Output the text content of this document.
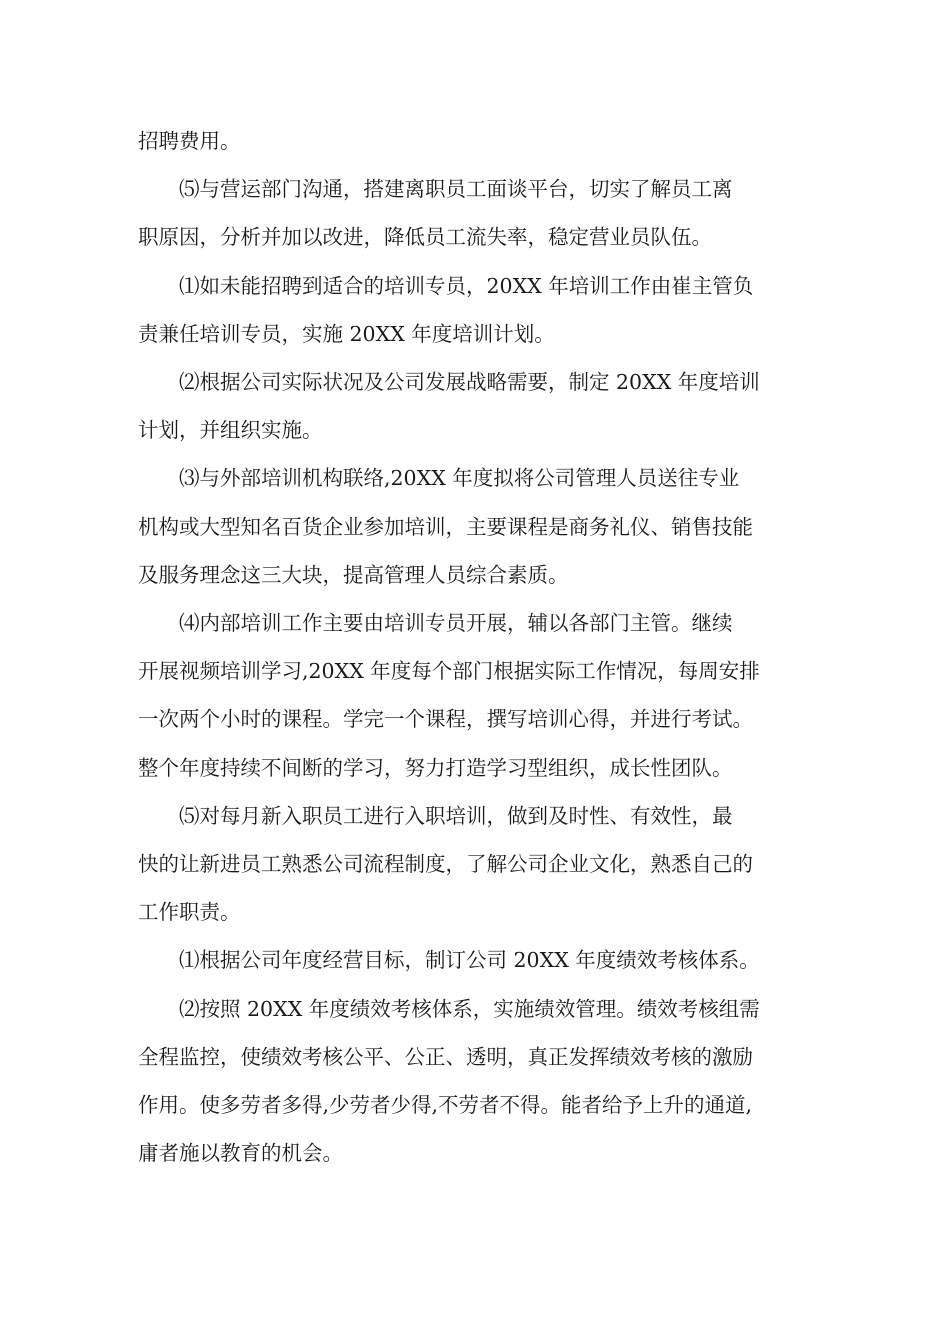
招聘费用。
⑸与营运部门沟通，搭建离职员工面谈平台，切实了解员工离
职原因，分析并加以改进，降低员工流失率，稳定营业员队伍。
⑴如未能招聘到适合的培训专员，20XX 年培训工作由崔主管负
责兼任培训专员，实施 20XX 年度培训计划。
⑵根据公司实际状况及公司发展战略需要，制定 20XX 年度培训
计划，并组织实施。
⑶与外部培训机构联络,20XX 年度拟将公司管理人员送往专业
机构或大型知名百货企业参加培训，主要课程是商务礼仪、销售技能
及服务理念这三大块，提高管理人员综合素质。
⑷内部培训工作主要由培训专员开展，辅以各部门主管。继续
开展视频培训学习,20XX 年度每个部门根据实际工作情况，每周安排
一次两个小时的课程。学完一个课程，撰写培训心得，并进行考试。
整个年度持续不间断的学习，努力打造学习型组织，成长性团队。
⑸对每月新入职员工进行入职培训，做到及时性、有效性，最
快的让新进员工熟悉公司流程制度，了解公司企业文化，熟悉自己的
工作职责。
⑴根据公司年度经营目标，制订公司 20XX 年度绩效考核体系。
⑵按照 20XX 年度绩效考核体系，实施绩效管理。绩效考核组需
全程监控，使绩效考核公平、公正、透明，真正发挥绩效考核的激励
作用。使多劳者多得,少劳者少得,不劳者不得。能者给予上升的通道,
庸者施以教育的机会。
